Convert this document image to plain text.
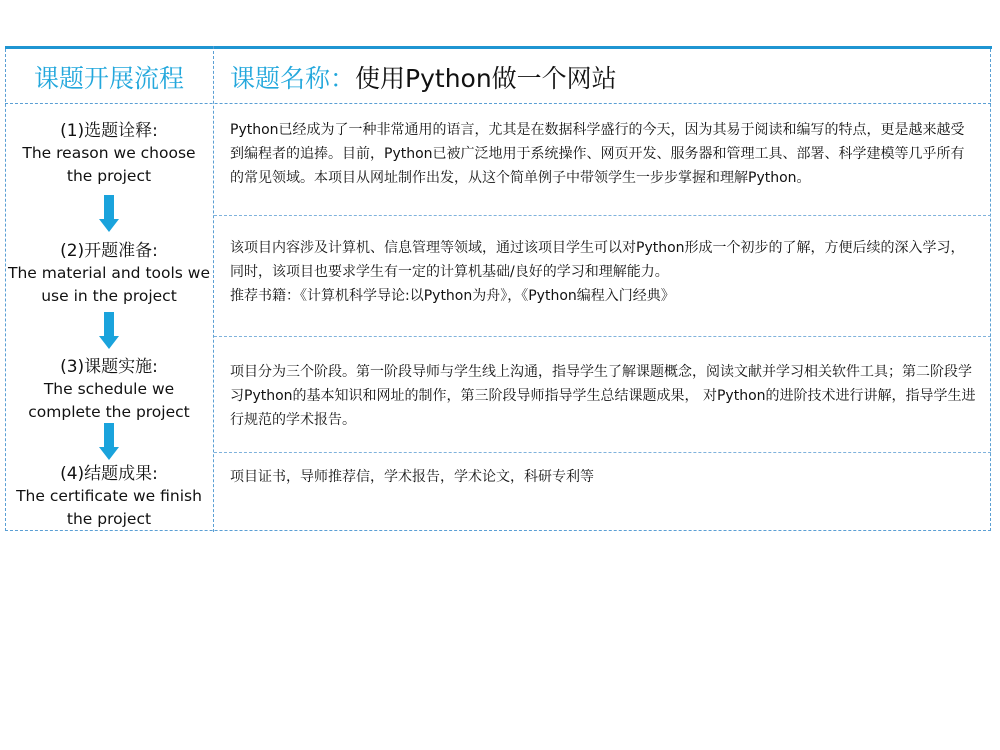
课题开展流程	课题名称： 使用Python做一个网站
(1)选题诠释:
The reason we choose
the project
(2)开题准备:
The material and tools we
use in the project
(3)课题实施:
The schedule we
complete the project
(4)结题成果:
The certificate we finish
the project

Python已经成为了一种非常通用的语言，尤其是在数据科学盛行的今天，因为其易于阅读和编写的特点，更是越来越受到编程者的追捧。目前，Python已被广泛地用于系统操作、网页开发、服务器和管理工具、部署、科学建模等几乎所有的常见领域。本项目从网址制作出发，从这个简单例子中带领学生一步步掌握和理解Python。

该项目内容涉及计算机、信息管理等领域，通过该项目学生可以对Python形成一个初步的了解，方便后续的深入学习，同时，该项目也要求学生有一定的计算机基础/良好的学习和理解能力。

推荐书籍：《计算机科学导论:以Python为舟》，《Python编程入门经典》

项目分为三个阶段。第一阶段导师与学生线上沟通，指导学生了解课题概念，阅读文献并学习相关软件工具；第二阶段学习Python的基本知识和网址的制作，第三阶段导师指导学生总结课题成果， 对Python的进阶技术进行讲解，指导学生进行规范的学术报告。

项目证书，导师推荐信，学术报告，学术论文，科研专利等
